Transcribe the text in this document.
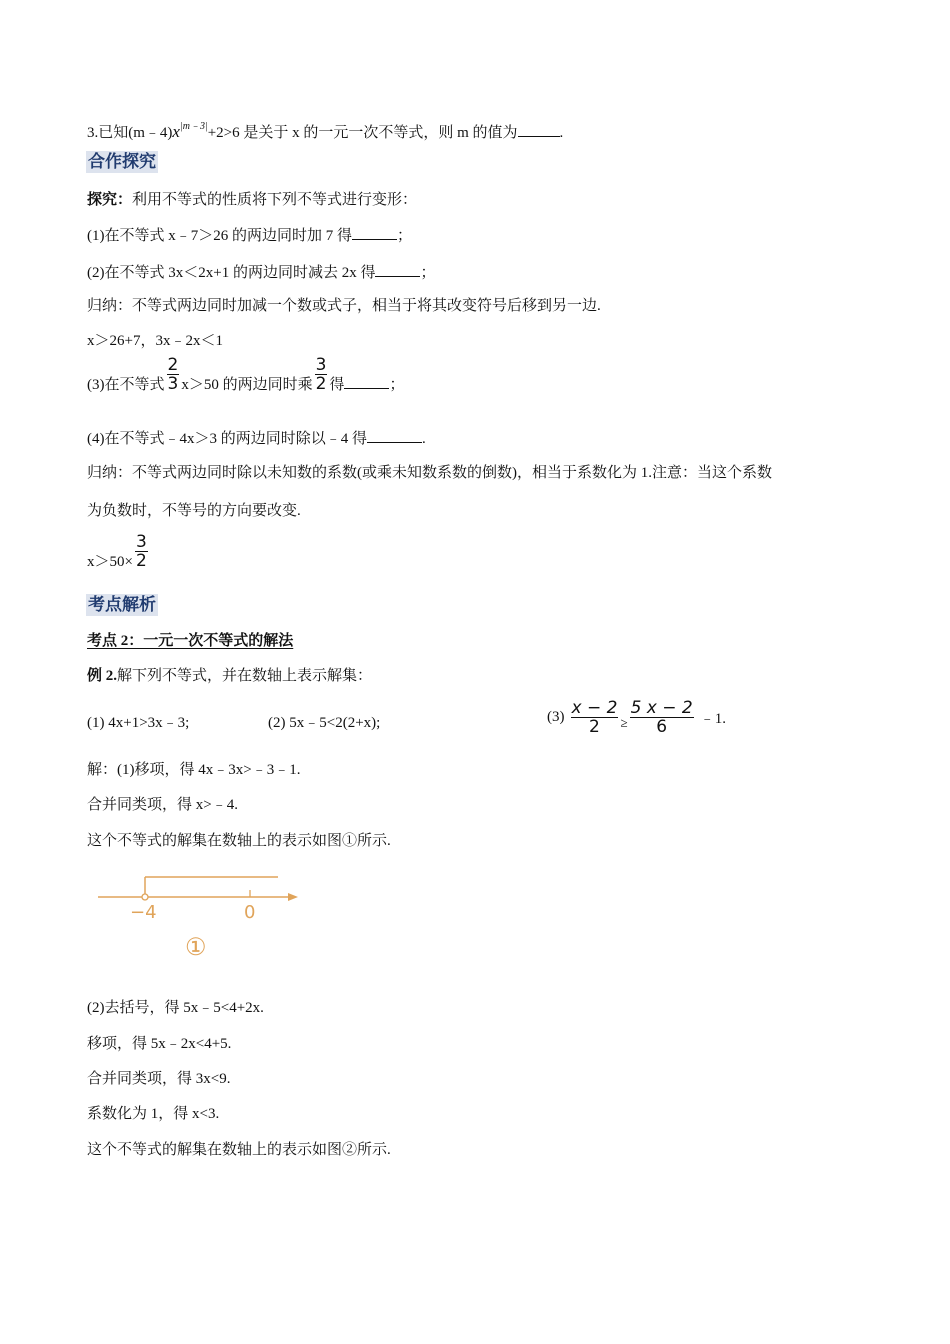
3.已知$(m﹣4)x^{|m﹣3|}+2>6$ 是关于 x 的一元一次不等式，则 m 的值为	.
合作探究
探究：利用不等式的性质将下列不等式进行变形：
(1)在不等式 x﹣7＞26 的两边同时加 7 得	；
(2)在不等式 3x＜2x+1 的两边同时减去 2x 得	；
归纳：不等式两边同时加减一个数或式子，相当于将其改变符号后移到另一边.
x＞26+7，3x﹣2x＜1
(3)在不等式 $\frac{2}{3} x>50$ 的两边同时乘 $\frac{3}{2}$ 得	；
(4)在不等式﹣4x＞3 的两边同时除以﹣4 得	.
归纳：不等式两边同时除以未知数的系数(或乘未知数系数的倒数)，相当于系数化为 1.注意：当这个系数
为负数时，不等号的方向要改变.
$x>50\times \frac{3}{2}$
考点解析
考点 2：一元一次不等式的解法
例 2.解下列不等式，并在数轴上表示解集：
(1) 4x+1>3x﹣3;	(2) 5x﹣5<2(2+x);	$(3) \frac{x - 2}{2} \ge \frac{5 x - 2}{6}$ ﹣1.
解：(1)移项，得 4x﹣3x>﹣3﹣1.
合并同类项，得 x>﹣4.
这个不等式的解集在数轴上的表示如图①所示.
−4	0
①
(2)去括号，得 5x﹣5<4+2x.
移项，得 5x﹣2x<4+5.
合并同类项，得 3x<9.
系数化为 1，得 x<3.
这个不等式的解集在数轴上的表示如图②所示.
